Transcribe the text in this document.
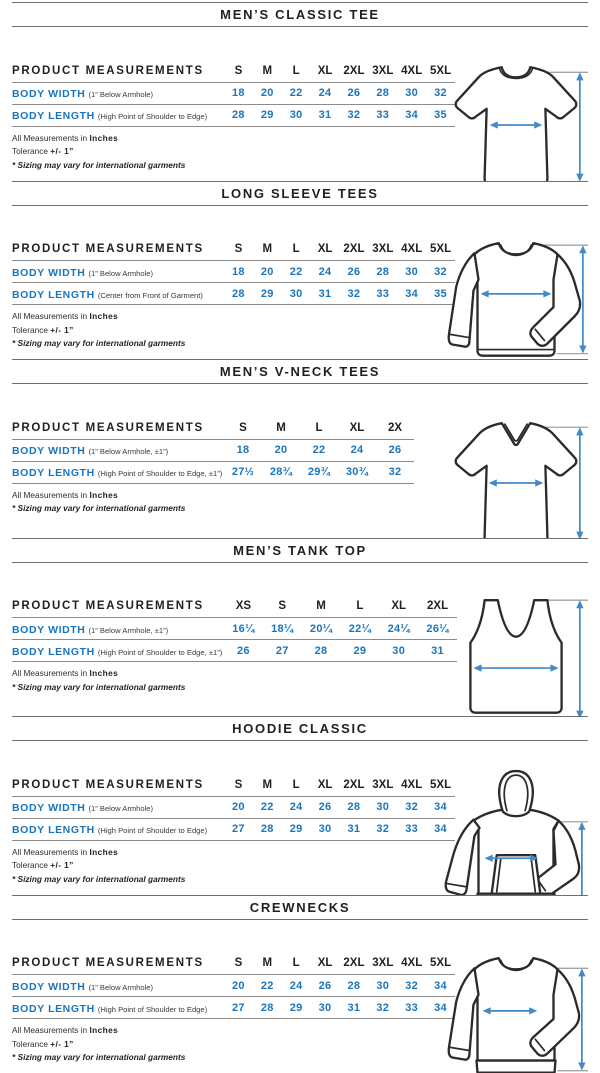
MEN’S CLASSIC TEE
PRODUCT MEASUREMENTS	S	M	L	XL	2XL	3XL	4XL	5XL
BODY WIDTH (1” Below Armhole)	18	20	22	24	26	28	30	32
BODY LENGTH (High Point of Shoulder to Edge)	28	29	30	31	32	33	34	35
All Measurements in Inches
Tolerance +/- 1”
* Sizing may vary for international garments
LONG SLEEVE TEES
PRODUCT MEASUREMENTS	S	M	L	XL	2XL	3XL	4XL	5XL
BODY WIDTH (1” Below Armhole)	18	20	22	24	26	28	30	32
BODY LENGTH (Center from Front of Garment)	28	29	30	31	32	33	34	35
All Measurements in Inches
Tolerance +/- 1”
* Sizing may vary for international garments
MEN’S V-NECK TEES
PRODUCT MEASUREMENTS	S	M	L	XL	2X
BODY WIDTH (1” Below Armhole, ±1”)	18	20	22	24	26
BODY LENGTH (High Point of Shoulder to Edge, ±1”)	27½	28¾	29¾	30¾	32
All Measurements in Inches
* Sizing may vary for international garments
MEN’S TANK TOP
PRODUCT MEASUREMENTS	XS	S	M	L	XL	2XL
BODY WIDTH (1” Below Armhole, ±1”)	16¼	18¼	20¼	22¼	24¼	26¼
BODY LENGTH (High Point of Shoulder to Edge, ±1”)	26	27	28	29	30	31
All Measurements in Inches
* Sizing may vary for international garments
HOODIE CLASSIC
PRODUCT MEASUREMENTS	S	M	L	XL	2XL	3XL	4XL	5XL
BODY WIDTH (1” Below Armhole)	20	22	24	26	28	30	32	34
BODY LENGTH (High Point of Shoulder to Edge)	27	28	29	30	31	32	33	34
All Measurements in Inches
Tolerance +/- 1”
* Sizing may vary for international garments
CREWNECKS
PRODUCT MEASUREMENTS	S	M	L	XL	2XL	3XL	4XL	5XL
BODY WIDTH (1” Below Armhole)	20	22	24	26	28	30	32	34
BODY LENGTH (High Point of Shoulder to Edge)	27	28	29	30	31	32	33	34
All Measurements in Inches
Tolerance +/- 1”
* Sizing may vary for international garments
